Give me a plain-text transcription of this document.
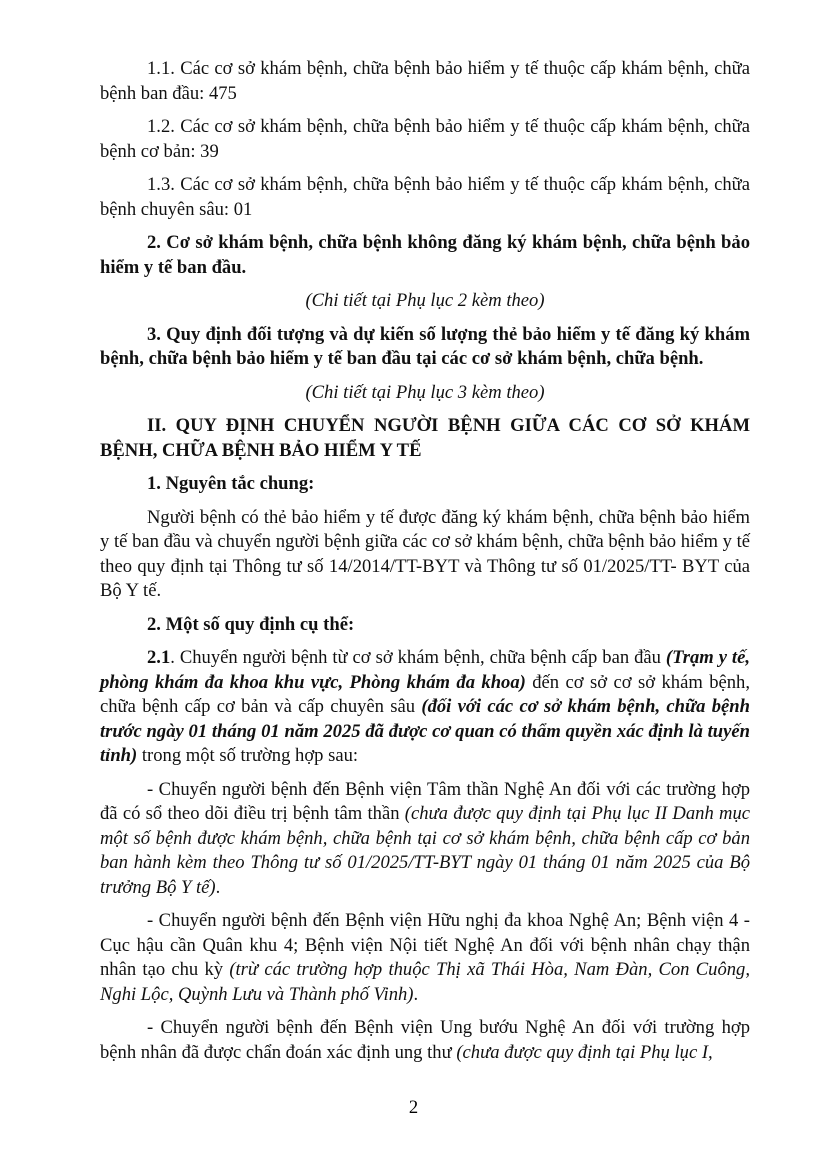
1.1. Các cơ sở khám bệnh, chữa bệnh bảo hiểm y tế thuộc cấp khám bệnh, chữa bệnh ban đầu: 475

1.2. Các cơ sở khám bệnh, chữa bệnh bảo hiểm y tế thuộc cấp khám bệnh, chữa bệnh cơ bản: 39

1.3. Các cơ sở khám bệnh, chữa bệnh bảo hiểm y tế thuộc cấp khám bệnh, chữa bệnh chuyên sâu: 01

2. Cơ sở khám bệnh, chữa bệnh không đăng ký khám bệnh, chữa bệnh bảo hiểm y tế ban đầu.

(Chi tiết tại Phụ lục 2 kèm theo)

3. Quy định đối tượng và dự kiến số lượng thẻ bảo hiểm y tế đăng ký khám bệnh, chữa bệnh bảo hiểm y tế ban đầu tại các cơ sở khám bệnh, chữa bệnh.

(Chi tiết tại Phụ lục 3 kèm theo)

II. QUY ĐỊNH CHUYỂN NGƯỜI BỆNH GIỮA CÁC CƠ SỞ KHÁM BỆNH, CHỮA BỆNH BẢO HIỂM Y TẾ

1. Nguyên tắc chung:

Người bệnh có thẻ bảo hiểm y tế được đăng ký khám bệnh, chữa bệnh bảo hiểm y tế ban đầu và chuyển người bệnh giữa các cơ sở khám bệnh, chữa bệnh bảo hiểm y tế theo quy định tại Thông tư số 14/2014/TT-BYT và Thông tư số 01/2025/TT- BYT của Bộ Y tế.

2. Một số quy định cụ thể:

2.1. Chuyển người bệnh từ cơ sở khám bệnh, chữa bệnh cấp ban đầu (Trạm y tế, phòng khám đa khoa khu vực, Phòng khám đa khoa) đến cơ sở cơ sở khám bệnh, chữa bệnh cấp cơ bản và cấp chuyên sâu (đối với các cơ sở khám bệnh, chữa bệnh trước ngày 01 tháng 01 năm 2025 đã được cơ quan có thẩm quyền xác định là tuyến tỉnh) trong một số trường hợp sau:

- Chuyển người bệnh đến Bệnh viện Tâm thần Nghệ An đối với các trường hợp đã có sổ theo dõi điều trị bệnh tâm thần (chưa được quy định tại Phụ lục II Danh mục một số bệnh được khám bệnh, chữa bệnh tại cơ sở khám bệnh, chữa bệnh cấp cơ bản ban hành kèm theo Thông tư số 01/2025/TT-BYT ngày 01 tháng 01 năm 2025 của Bộ trưởng Bộ Y tế).

- Chuyển người bệnh đến Bệnh viện Hữu nghị đa khoa Nghệ An; Bệnh viện 4 - Cục hậu cần Quân khu 4; Bệnh viện Nội tiết Nghệ An đối với bệnh nhân chạy thận nhân tạo chu kỳ (trừ các trường hợp thuộc Thị xã Thái Hòa, Nam Đàn, Con Cuông, Nghi Lộc, Quỳnh Lưu và Thành phố Vinh).

- Chuyển người bệnh đến Bệnh viện Ung bướu Nghệ An đối với trường hợp bệnh nhân đã được chẩn đoán xác định ung thư (chưa được quy định tại Phụ lục I,

2
